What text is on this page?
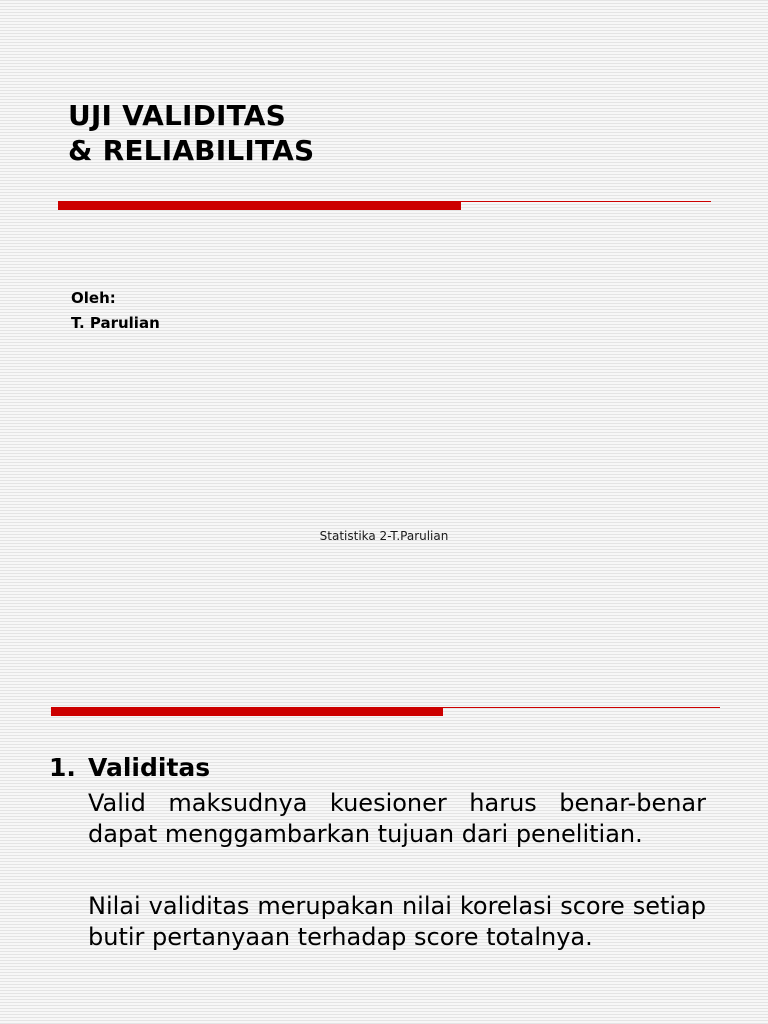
UJI VALIDITAS
& RELIABILITAS
Oleh:
T. Parulian
Statistika 2-T.Parulian
1. Validitas

Valid maksudnya kuesioner harus benar-benar dapat menggambarkan tujuan dari penelitian.

Nilai validitas merupakan nilai korelasi score setiap butir pertanyaan terhadap score totalnya.
